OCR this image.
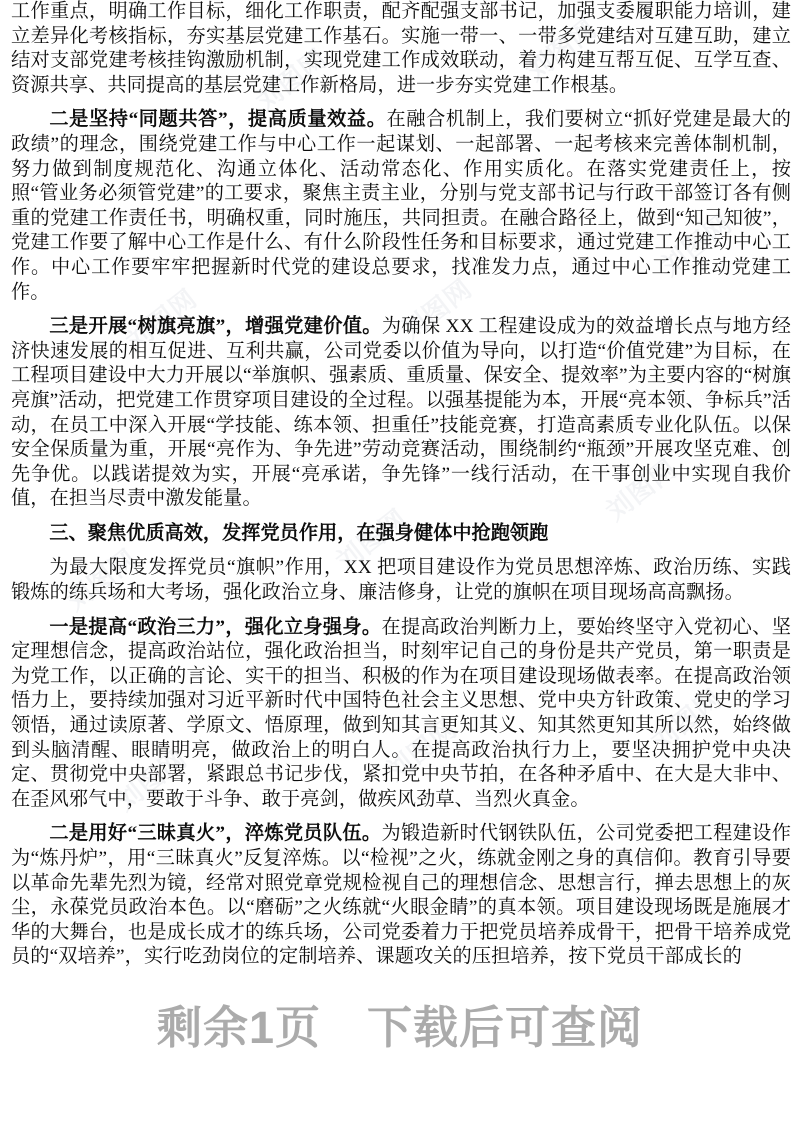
刘图网	刘图网
刘图网
刘图网
刘图网
刘图网
刘图网	刘图网	刘图网
刘图网	刘图网

工作重点，明确工作目标，细化工作职责，配齐配强支部书记，加强支委履职能力培训，建立差异化考核指标，夯实基层党建工作基石。实施一带一、一带多党建结对互建互助，建立结对支部党建考核挂钩激励机制，实现党建工作成效联动，着力构建互帮互促、互学互查、资源共享、共同提高的基层党建工作新格局，进一步夯实党建工作根基。

二是坚持“同题共答”，提高质量效益。在融合机制上，我们要树立“抓好党建是最大的政绩”的理念，围绕党建工作与中心工作一起谋划、一起部署、一起考核来完善体制机制，努力做到制度规范化、沟通立体化、活动常态化、作用实质化。在落实党建责任上，按照“管业务必须管党建”的工要求，聚焦主责主业，分别与党支部书记与行政干部签订各有侧重的党建工作责任书，明确权重，同时施压，共同担责。在融合路径上，做到“知己知彼”，党建工作要了解中心工作是什么、有什么阶段性任务和目标要求，通过党建工作推动中心工作。中心工作要牢牢把握新时代党的建设总要求，找准发力点，通过中心工作推动党建工作。

三是开展“树旗亮旗”，增强党建价值。为确保 XX 工程建设成为的效益增长点与地方经济快速发展的相互促进、互利共赢，公司党委以价值为导向，以打造“价值党建”为目标，在工程项目建设中大力开展以“举旗帜、强素质、重质量、保安全、提效率”为主要内容的“树旗亮旗”活动，把党建工作贯穿项目建设的全过程。以强基提能为本，开展“亮本领、争标兵”活动，在员工中深入开展“学技能、练本领、担重任”技能竞赛，打造高素质专业化队伍。以保安全保质量为重，开展“亮作为、争先进”劳动竞赛活动，围绕制约“瓶颈”开展攻坚克难、创先争优。以践诺提效为实，开展“亮承诺，争先锋”一线行活动，在干事创业中实现自我价值，在担当尽责中激发能量。

三、聚焦优质高效，发挥党员作用，在强身健体中抢跑领跑

为最大限度发挥党员“旗帜”作用，XX 把项目建设作为党员思想淬炼、政治历练、实践锻炼的练兵场和大考场，强化政治立身、廉洁修身，让党的旗帜在项目现场高高飘扬。

一是提高“政治三力”，强化立身强身。在提高政治判断力上，要始终坚守入党初心、坚定理想信念，提高政治站位，强化政治担当，时刻牢记自己的身份是共产党员，第一职责是为党工作，以正确的言论、实干的担当、积极的作为在项目建设现场做表率。在提高政治领悟力上，要持续加强对习近平新时代中国特色社会主义思想、党中央方针政策、党史的学习领悟，通过读原著、学原文、悟原理，做到知其言更知其义、知其然更知其所以然，始终做到头脑清醒、眼睛明亮，做政治上的明白人。在提高政治执行力上，要坚决拥护党中央决定、贯彻党中央部署，紧跟总书记步伐，紧扣党中央节拍，在各种矛盾中、在大是大非中、在歪风邪气中，要敢于斗争、敢于亮剑，做疾风劲草、当烈火真金。

二是用好“三昧真火”，淬炼党员队伍。为锻造新时代钢铁队伍，公司党委把工程建设作为“炼丹炉”，用“三昧真火”反复淬炼。以“检视”之火，练就金刚之身的真信仰。教育引导要以革命先辈先烈为镜，经常对照党章党规检视自己的理想信念、思想言行，掸去思想上的灰尘，永葆党员政治本色。以“磨砺”之火练就“火眼金睛”的真本领。项目建设现场既是施展才华的大舞台，也是成长成才的练兵场，公司党委着力于把党员培养成骨干，把骨干培养成党员的“双培养”，实行吃劲岗位的定制培养、课题攻关的压担培养，按下党员干部成长的

剩余1页　下载后可查阅
